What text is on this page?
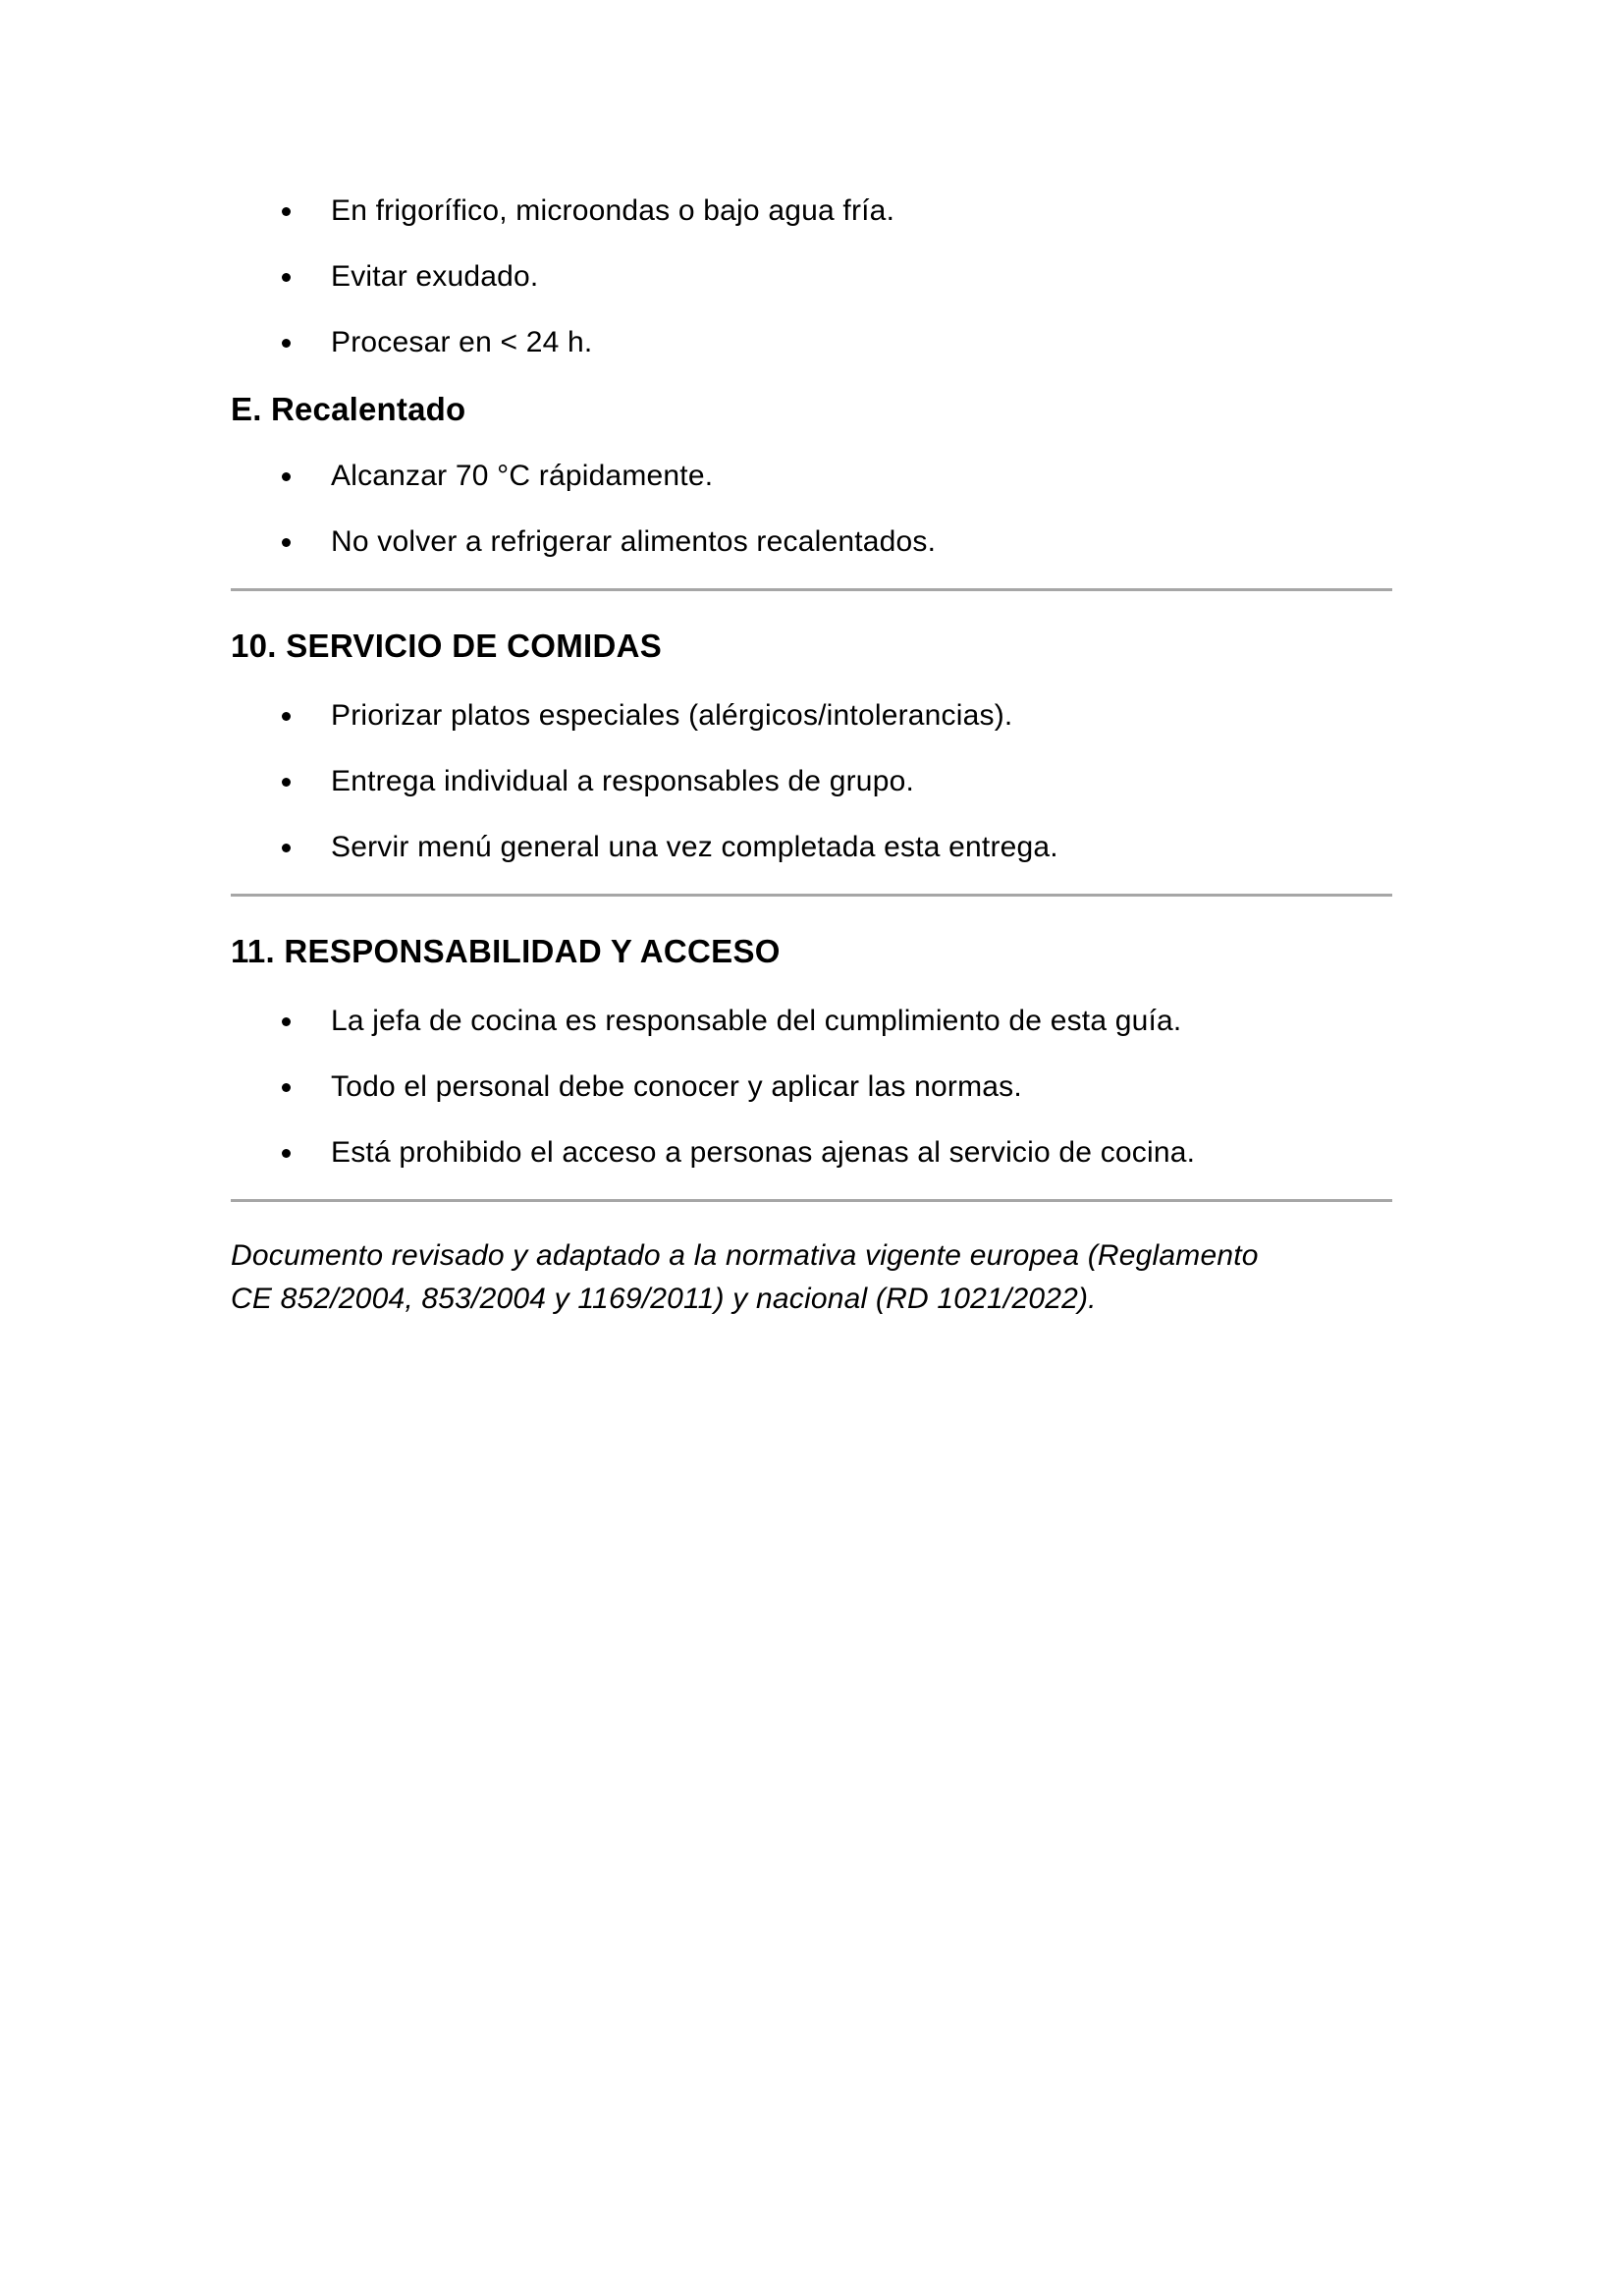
En frigorífico, microondas o bajo agua fría.
Evitar exudado.
Procesar en < 24 h.
E. Recalentado
Alcanzar 70 °C rápidamente.
No volver a refrigerar alimentos recalentados.
10. SERVICIO DE COMIDAS
Priorizar platos especiales (alérgicos/intolerancias).
Entrega individual a responsables de grupo.
Servir menú general una vez completada esta entrega.
11. RESPONSABILIDAD Y ACCESO
La jefa de cocina es responsable del cumplimiento de esta guía.
Todo el personal debe conocer y aplicar las normas.
Está prohibido el acceso a personas ajenas al servicio de cocina.

Documento revisado y adaptado a la normativa vigente europea (Reglamento
CE 852/2004, 853/2004 y 1169/2011) y nacional (RD 1021/2022).
